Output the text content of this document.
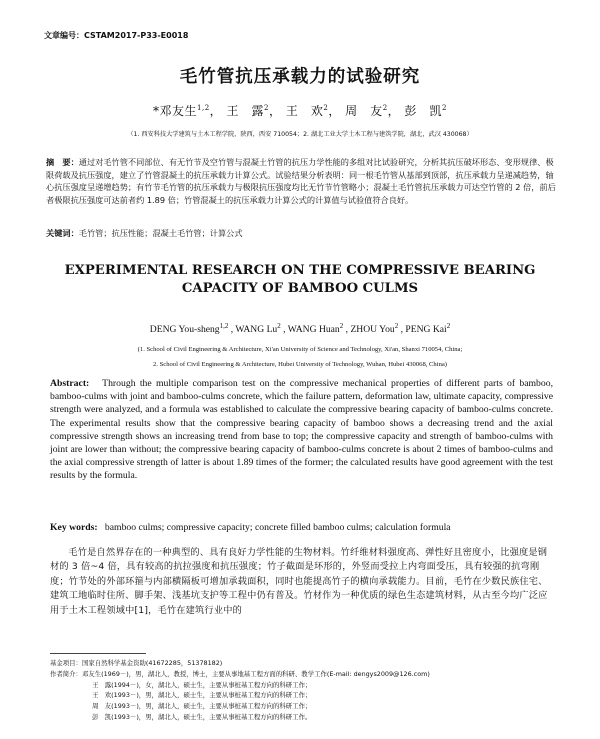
文章编号：CSTAM2017-P33-E0018
毛竹管抗压承载力的试验研究
*邓友生$^{1,2}$， 王　露$^2$， 王　欢$^2$， 周　友$^2$， 彭　凯$^2$
（1. 西安科技大学建筑与土木工程学院，陕西，西安 710054；2. 湖北工业大学土木工程与建筑学院，湖北，武汉 430068）
摘　要：通过对毛竹管不同部位、有无竹节及空竹管与混凝土竹管的抗压力学性能的多组对比试验研究，分析其抗压破坏形态、变形规律、极限荷载及抗压强度，建立了竹管混凝土的抗压承载力计算公式。试验结果分析表明：同一根毛竹管从基部到顶部，抗压承载力呈递减趋势，轴心抗压强度呈递增趋势；有竹节毛竹管的抗压承载力与极限抗压强度均比无竹节竹管略小；混凝土毛竹管抗压承载力可达空竹管的 2 倍，前后者极限抗压强度可达前者约 1.89 倍；竹管混凝土的抗压承载力计算公式的计算值与试验值符合良好。
关键词：毛竹管；抗压性能；混凝土毛竹管；计算公式
EXPERIMENTAL RESEARCH ON THE COMPRESSIVE BEARING
CAPACITY OF BAMBOO CULMS
DENG You-sheng$^{1,2}$ , WANG Lu$^2$ , WANG Huan$^2$ , ZHOU You$^2$ , PENG Kai$^2$
(1. School of Civil Engineering & Architecture, Xi'an University of Science and Technology, Xi'an, Shanxi 710054, China;
2. School of Civil Engineering & Architecture, Hubei University of Technology, Wuhan, Hubei 430068, China)
Abstract: Through the multiple comparison test on the compressive mechanical properties of different parts of bamboo, bamboo-culms with joint and bamboo-culms concrete, which the failure pattern, deformation law, ultimate capacity, compressive strength were analyzed, and a formula was established to calculate the compressive bearing capacity of bamboo-culms concrete. The experimental results show that the compressive bearing capacity of bamboo shows a decreasing trend and the axial compressive strength shows an increasing trend from base to top; the compressive capacity and strength of bamboo-culms with joint are lower than without; the compressive bearing capacity of bamboo-culms concrete is about 2 times of bamboo-culms and the axial compressive strength of latter is about 1.89 times of the former; the calculated results have good agreement with the test results by the formula.
Key words: bamboo culms; compressive capacity; concrete filled bamboo culms; calculation formula
毛竹是自然界存在的一种典型的、具有良好力学性能的生物材料。竹纤维材料强度高、弹性好且密度小，比强度是钢材的 3 倍~4 倍，具有较高的抗拉强度和抗压强度；竹子截面是环形的，外竖而受拉上内弯面受压，具有较强的抗弯刚度；竹节处的外部环箍与内部横隔板可增加承载面积，同时也能提高竹子的横向承载能力。目前，毛竹在少数民族住宅、建筑工地临时住所、脚手架、浅基坑支护等工程中仍有普及。竹材作为一种优质的绿色生态建筑材料，从古至今均广泛应用于土木工程领域中[1]，毛竹在建筑行业中的
基金项目：国家自然科学基金资助(41672285，51378182)
作者简介：邓友生(1969－)，男，湖北人，教授，博士，主要从事地基工程方面的科研、教学工作(E-mail: dengys2009@126.com)
王　露(1994－)，女，湖北人，硕士生，主要从事桩基工程方向的科研工作；
王　欢(1993－)，男，湖北人，硕士生，主要从事桩基工程方向的科研工作；
周　友(1993－)，男，湖北人，硕士生，主要从事桩基工程方向的科研工作；
彭　凯(1993－)，男，湖北人，硕士生，主要从事桩基工程方向的科研工作。
